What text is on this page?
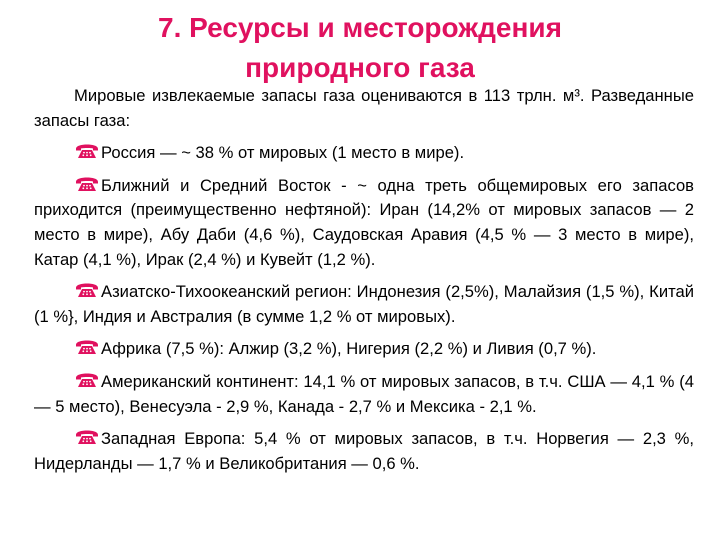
7. Ресурсы и месторождения
природного газа

Мировые извлекаемые запасы газа оцениваются в 113 трлн. м³. Разведанные запасы газа:

Россия — ~ 38 % от мировых (1 место в мире).

Ближний и Средний Восток - ~ одна треть общемировых его запасов приходится (преимущественно нефтяной): Иран (14,2% от мировых запасов — 2 место в мире), Абу Даби (4,6 %), Саудовская Аравия (4,5 % — 3 место в мире), Катар (4,1 %), Ирак (2,4 %) и Кувейт (1,2 %).

Азиатско-Тихоокеанский регион: Индонезия (2,5%), Малайзия (1,5 %), Китай (1 %}, Индия и Австралия (в сумме 1,2 % от мировых).

Африка (7,5 %): Алжир (3,2 %), Нигерия (2,2 %) и Ливия (0,7 %).

Американский континент: 14,1 % от мировых запасов, в т.ч. США — 4,1 % (4 — 5 место), Венесуэла - 2,9 %, Канада - 2,7 % и Мексика - 2,1 %.

Западная Европа: 5,4 % от мировых запасов, в т.ч. Норвегия — 2,3 %, Нидерланды — 1,7 % и Великобритания — 0,6 %.
